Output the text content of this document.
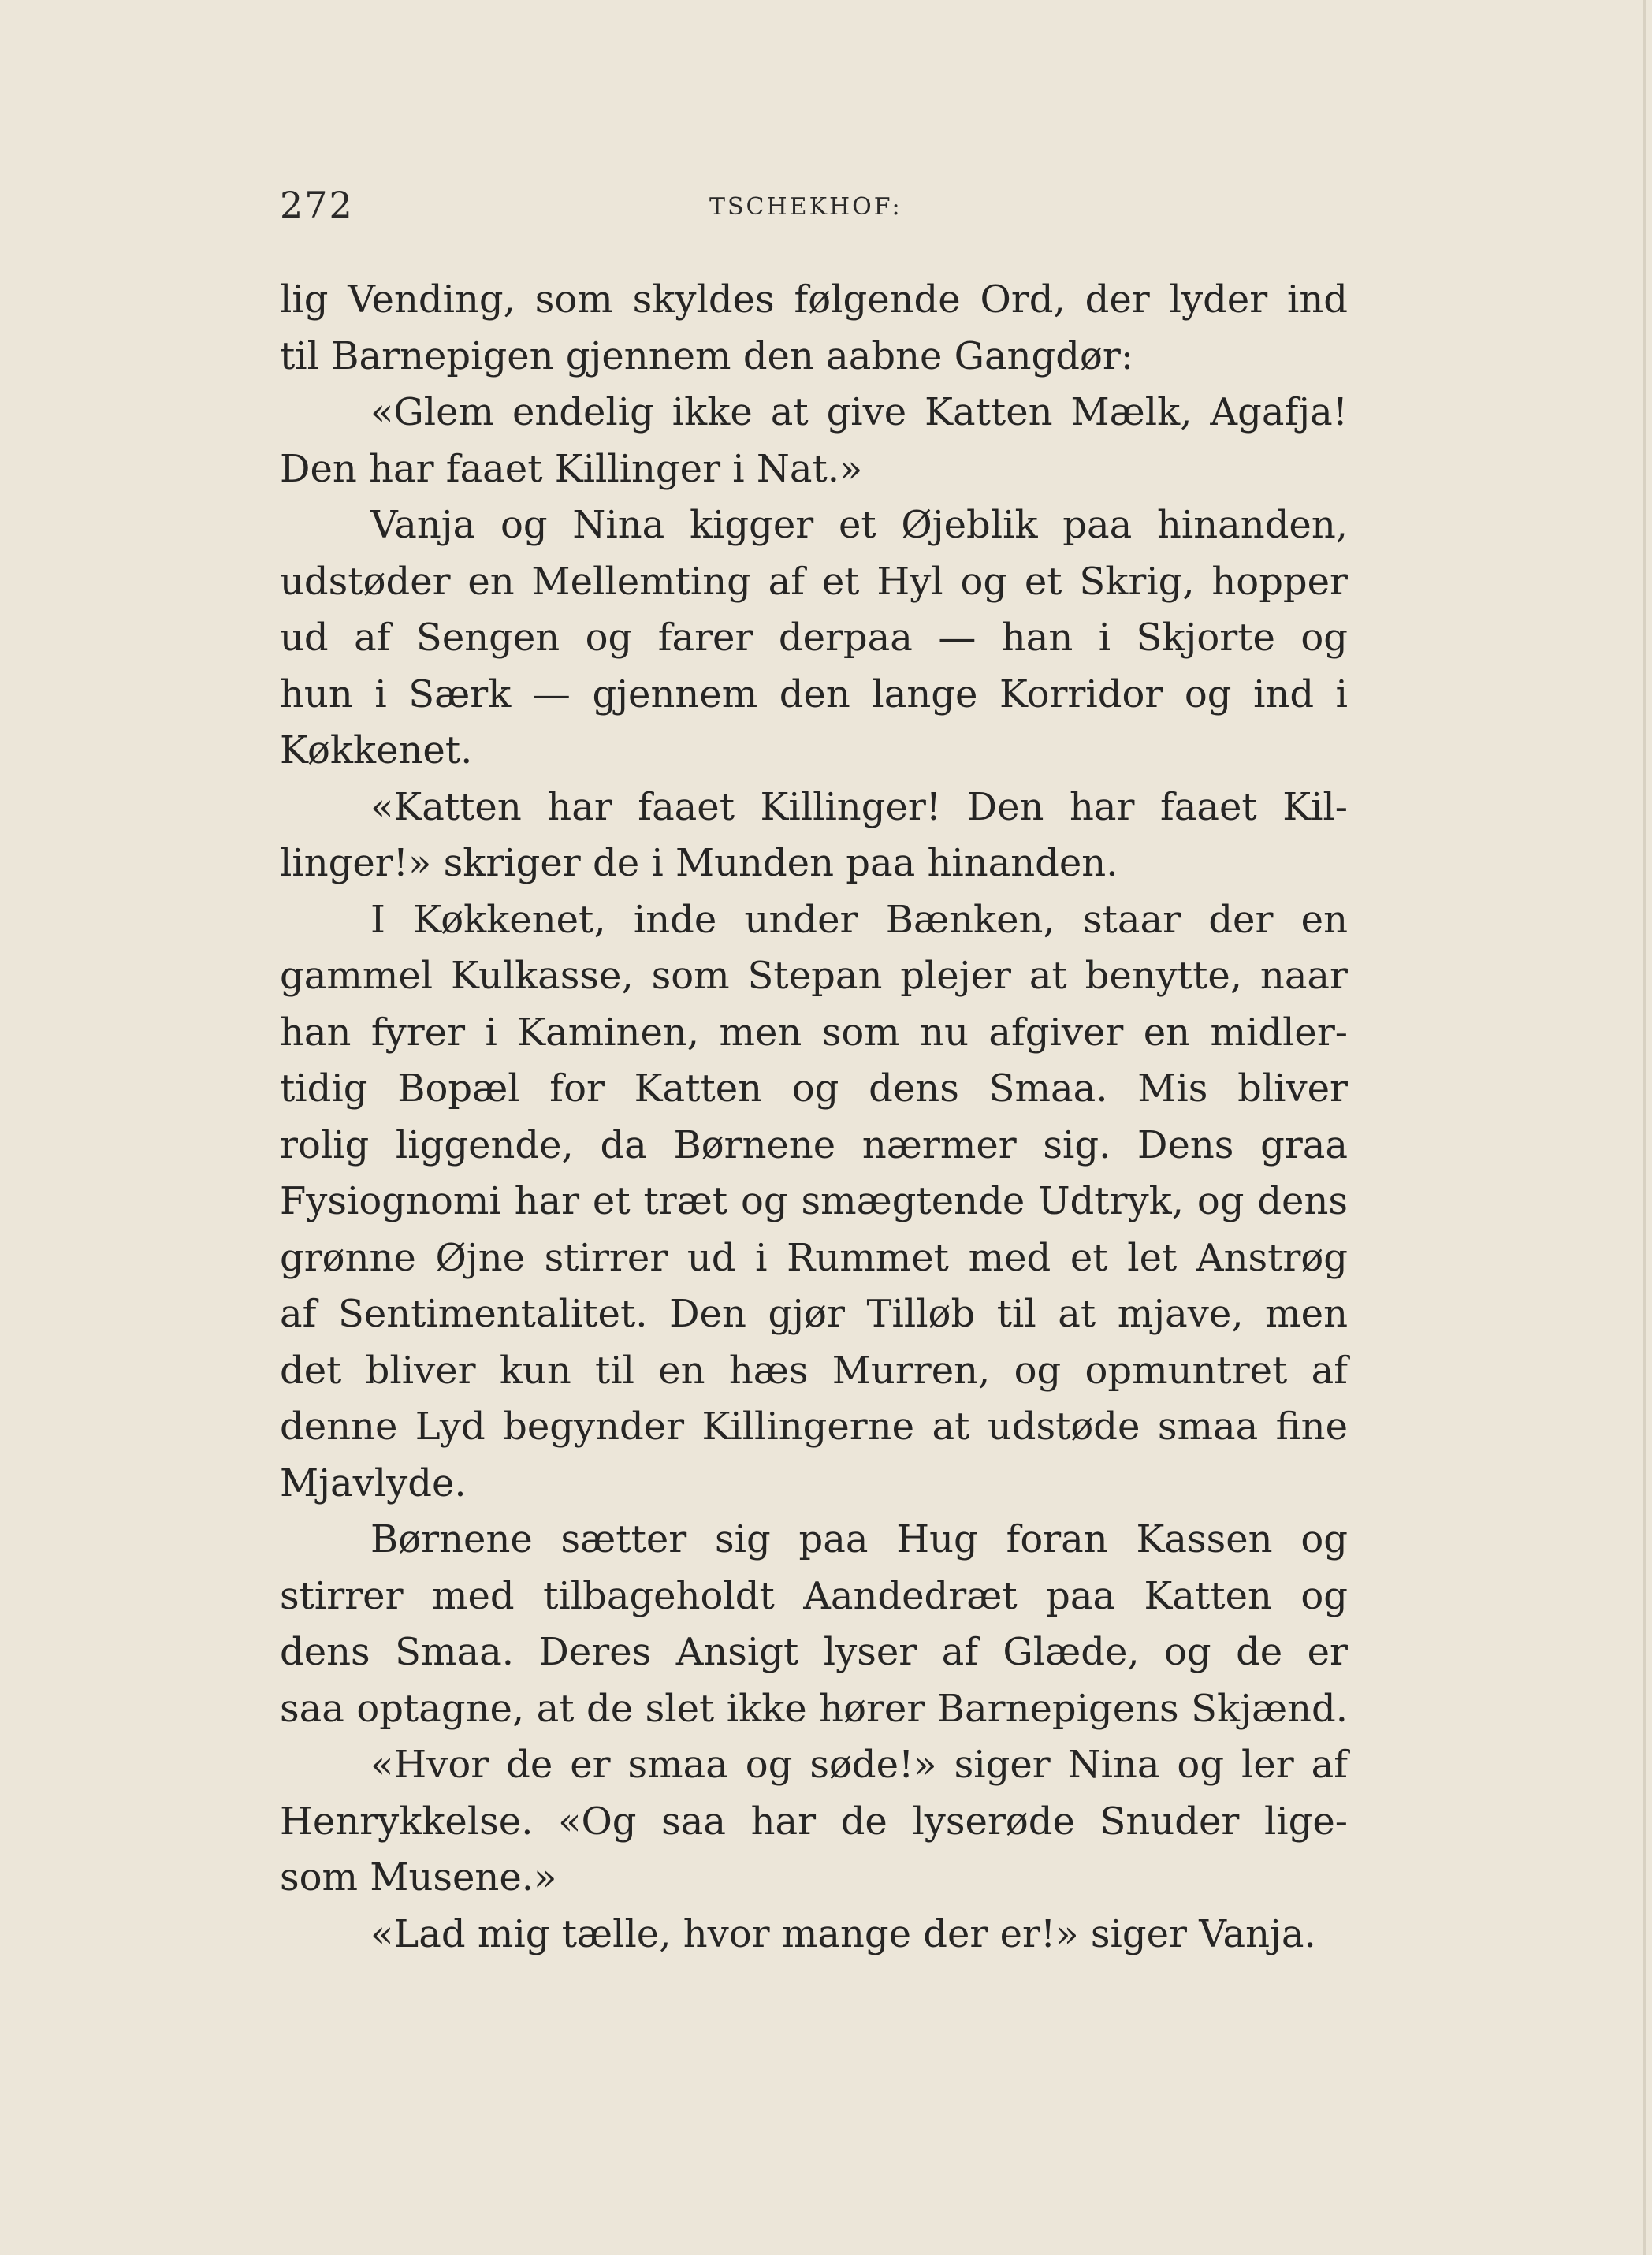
272	TSCHEKHOF:
lig Vending, som skyldes følgende Ord, der lyder ind
til Barnepigen gjennem den aabne Gangdør:
«Glem endelig ikke at give Katten Mælk, Agafja!
Den har faaet Killinger i Nat.»
Vanja og Nina kigger et Øjeblik paa hinanden,
udstøder en Mellemting af et Hyl og et Skrig, hopper
ud af Sengen og farer derpaa — han i Skjorte og
hun i Særk — gjennem den lange Korridor og ind i
Køkkenet.
«Katten har faaet Killinger! Den har faaet Kil-
linger!» skriger de i Munden paa hinanden.
I Køkkenet, inde under Bænken, staar der en
gammel Kulkasse, som Stepan plejer at benytte, naar
han fyrer i Kaminen, men som nu afgiver en midler-
tidig Bopæl for Katten og dens Smaa. Mis bliver
rolig liggende, da Børnene nærmer sig. Dens graa
Fysiognomi har et træt og smægtende Udtryk, og dens
grønne Øjne stirrer ud i Rummet med et let Anstrøg
af Sentimentalitet. Den gjør Tilløb til at mjave, men
det bliver kun til en hæs Murren, og opmuntret af
denne Lyd begynder Killingerne at udstøde smaa fine
Mjavlyde.
Børnene sætter sig paa Hug foran Kassen og
stirrer med tilbageholdt Aandedræt paa Katten og
dens Smaa. Deres Ansigt lyser af Glæde, og de er
saa optagne, at de slet ikke hører Barnepigens Skjænd.
«Hvor de er smaa og søde!» siger Nina og ler af
Henrykkelse. «Og saa har de lyserøde Snuder lige-
som Musene.»
«Lad mig tælle, hvor mange der er!» siger Vanja.
